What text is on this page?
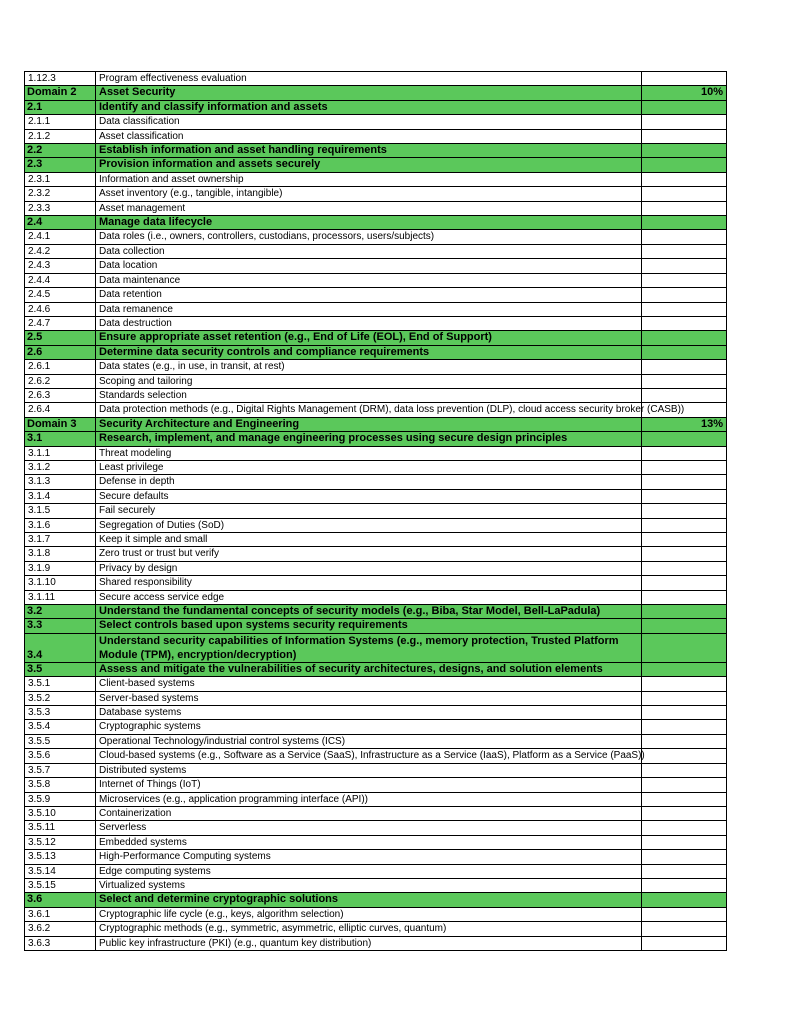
1.12.3	Program effectiveness evaluation	
Domain 2	Asset Security	10%
2.1	Identify and classify information and assets	
2.1.1	Data classification	
2.1.2	Asset classification	
2.2	Establish information and asset handling requirements	
2.3	Provision information and assets securely	
2.3.1	Information and asset ownership	
2.3.2	Asset inventory (e.g., tangible, intangible)	
2.3.3	Asset management	
2.4	Manage data lifecycle	
2.4.1	Data roles (i.e., owners, controllers, custodians, processors, users/subjects)	
2.4.2	Data collection	
2.4.3	Data location	
2.4.4	Data maintenance	
2.4.5	Data retention	
2.4.6	Data remanence	
2.4.7	Data destruction	
2.5	Ensure appropriate asset retention (e.g., End of Life (EOL), End of Support)	
2.6	Determine data security controls and compliance requirements	
2.6.1	Data states (e.g., in use, in transit, at rest)	
2.6.2	Scoping and tailoring	
2.6.3	Standards selection	
2.6.4	Data protection methods (e.g., Digital Rights Management (DRM), data loss prevention (DLP), cloud access security broker (CASB))	
Domain 3	Security Architecture and Engineering	13%
3.1	Research, implement, and manage engineering processes using secure design principles	
3.1.1	Threat modeling	
3.1.2	Least privilege	
3.1.3	Defense in depth	
3.1.4	Secure defaults	
3.1.5	Fail securely	
3.1.6	Segregation of Duties (SoD)	
3.1.7	Keep it simple and small	
3.1.8	Zero trust or trust but verify	
3.1.9	Privacy by design	
3.1.10	Shared responsibility	
3.1.11	Secure access service edge	
3.2	Understand the fundamental concepts of security models (e.g., Biba, Star Model, Bell-LaPadula)	
3.3	Select controls based upon systems security requirements	
3.4	Understand security capabilities of Information Systems (e.g., memory protection, Trusted Platform Module (TPM), encryption/decryption)	
3.5	Assess and mitigate the vulnerabilities of security architectures, designs, and solution elements	
3.5.1	Client-based systems	
3.5.2	Server-based systems	
3.5.3	Database systems	
3.5.4	Cryptographic systems	
3.5.5	Operational Technology/industrial control systems (ICS)	
3.5.6	Cloud-based systems (e.g., Software as a Service (SaaS), Infrastructure as a Service (IaaS), Platform as a Service (PaaS))	
3.5.7	Distributed systems	
3.5.8	Internet of Things (IoT)	
3.5.9	Microservices (e.g., application programming interface (API))	
3.5.10	Containerization	
3.5.11	Serverless	
3.5.12	Embedded systems	
3.5.13	High-Performance Computing systems	
3.5.14	Edge computing systems	
3.5.15	Virtualized systems	
3.6	Select and determine cryptographic solutions	
3.6.1	Cryptographic life cycle (e.g., keys, algorithm selection)	
3.6.2	Cryptographic methods (e.g., symmetric, asymmetric, elliptic curves, quantum)	
3.6.3	Public key infrastructure (PKI) (e.g., quantum key distribution)	
